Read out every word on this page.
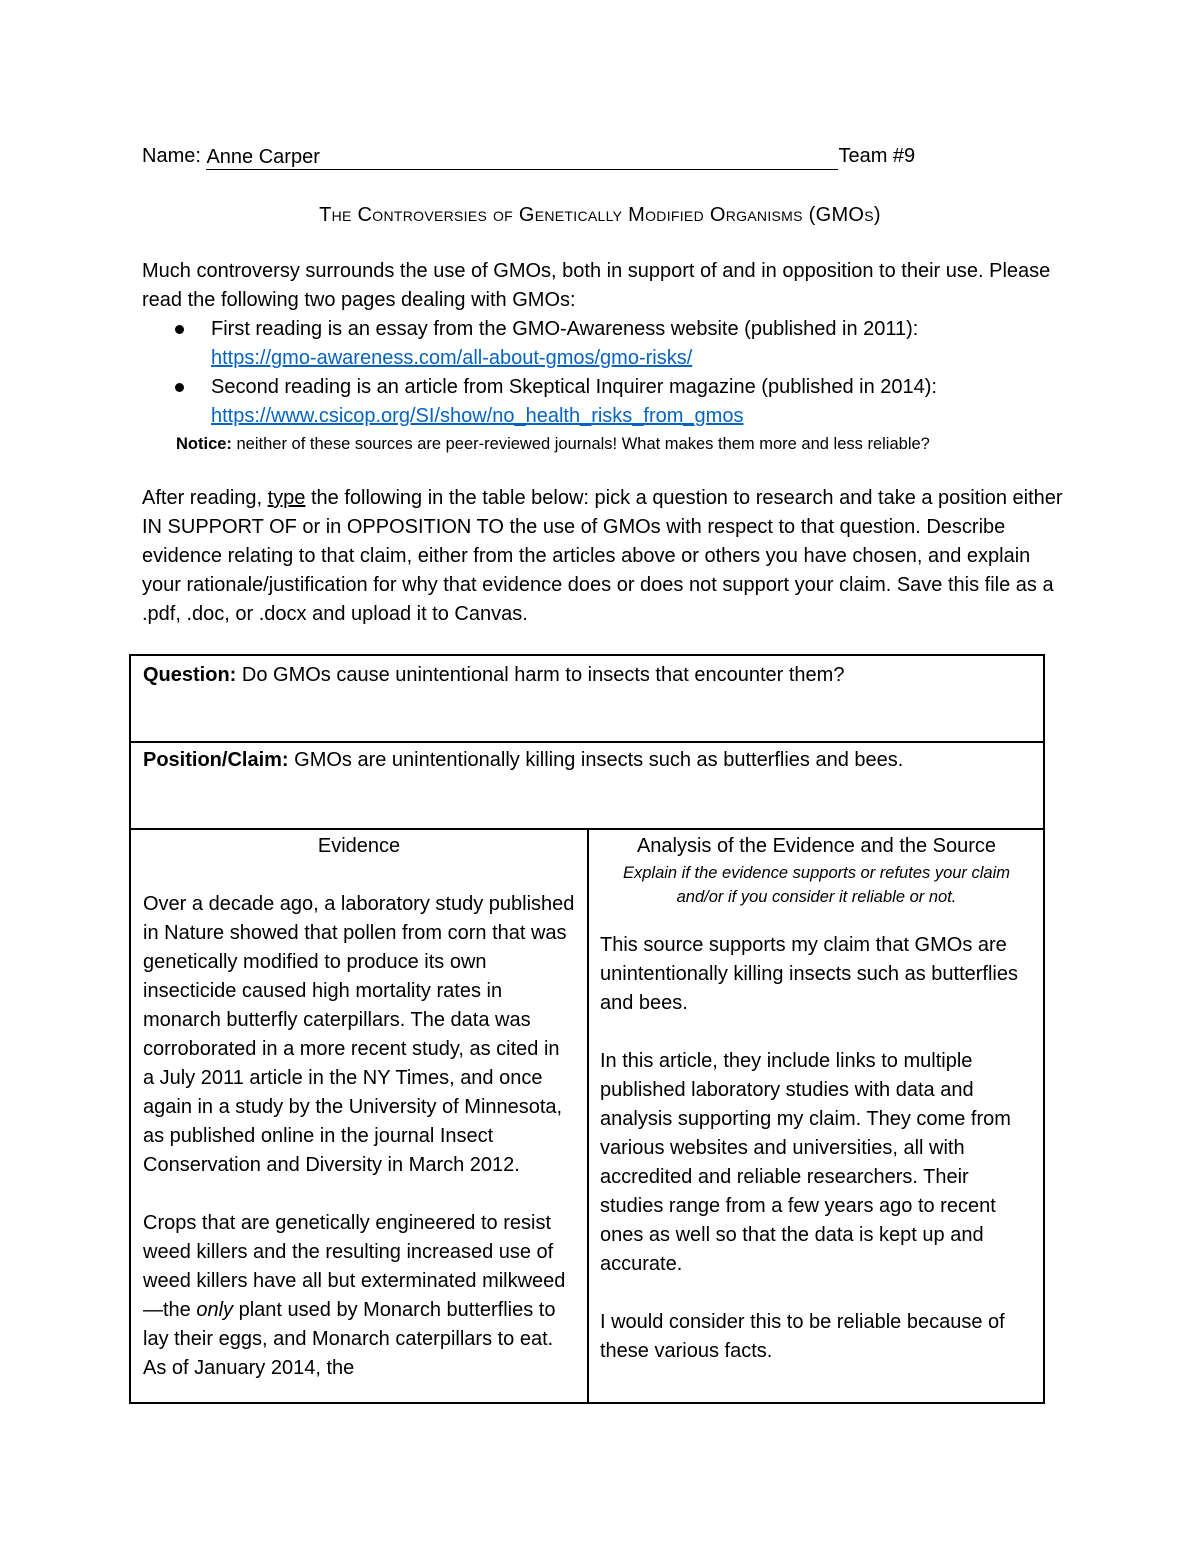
Name: Anne Carper	Team #9
The Controversies of Genetically Modified Organisms (GMOs)

Much controversy surrounds the use of GMOs, both in support of and in opposition to their use. Please read the following two pages dealing with GMOs:

First reading is an essay from the GMO-Awareness website (published in 2011):
https://gmo-awareness.com/all-about-gmos/gmo-risks/
Second reading is an article from Skeptical Inquirer magazine (published in 2014):
https://www.csicop.org/SI/show/no_health_risks_from_gmos
Notice: neither of these sources are peer-reviewed journals! What makes them more and less reliable?

After reading, type the following in the table below: pick a question to research and take a position either IN SUPPORT OF or in OPPOSITION TO the use of GMOs with respect to that question. Describe evidence relating to that claim, either from the articles above or others you have chosen, and explain your rationale/justification for why that evidence does or does not support your claim. Save this file as a .pdf, .doc, or .docx and upload it to Canvas.

Question: Do GMOs cause unintentional harm to insects that encounter them?
Position/Claim: GMOs are unintentionally killing insects such as butterflies and bees.

Evidence

Over a decade ago, a laboratory study published in Nature showed that pollen from corn that was genetically modified to produce its own insecticide caused high mortality rates in monarch butterfly caterpillars. The data was corroborated in a more recent study, as cited in a July 2011 article in the NY Times, and once again in a study by the University of Minnesota, as published online in the journal Insect Conservation and Diversity in March 2012.

Crops that are genetically engineered to resist weed killers and the resulting increased use of weed killers have all but exterminated milkweed—the only plant used by Monarch butterflies to lay their eggs, and Monarch caterpillars to eat. As of January 2014, the

Analysis of the Evidence and the Source

Explain if the evidence supports or refutes your claim and/or if you consider it reliable or not.

This source supports my claim that GMOs are unintentionally killing insects such as butterflies and bees.

In this article, they include links to multiple published laboratory studies with data and analysis supporting my claim. They come from various websites and universities, all with accredited and reliable researchers. Their studies range from a few years ago to recent ones as well so that the data is kept up and accurate.

I would consider this to be reliable because of these various facts.
